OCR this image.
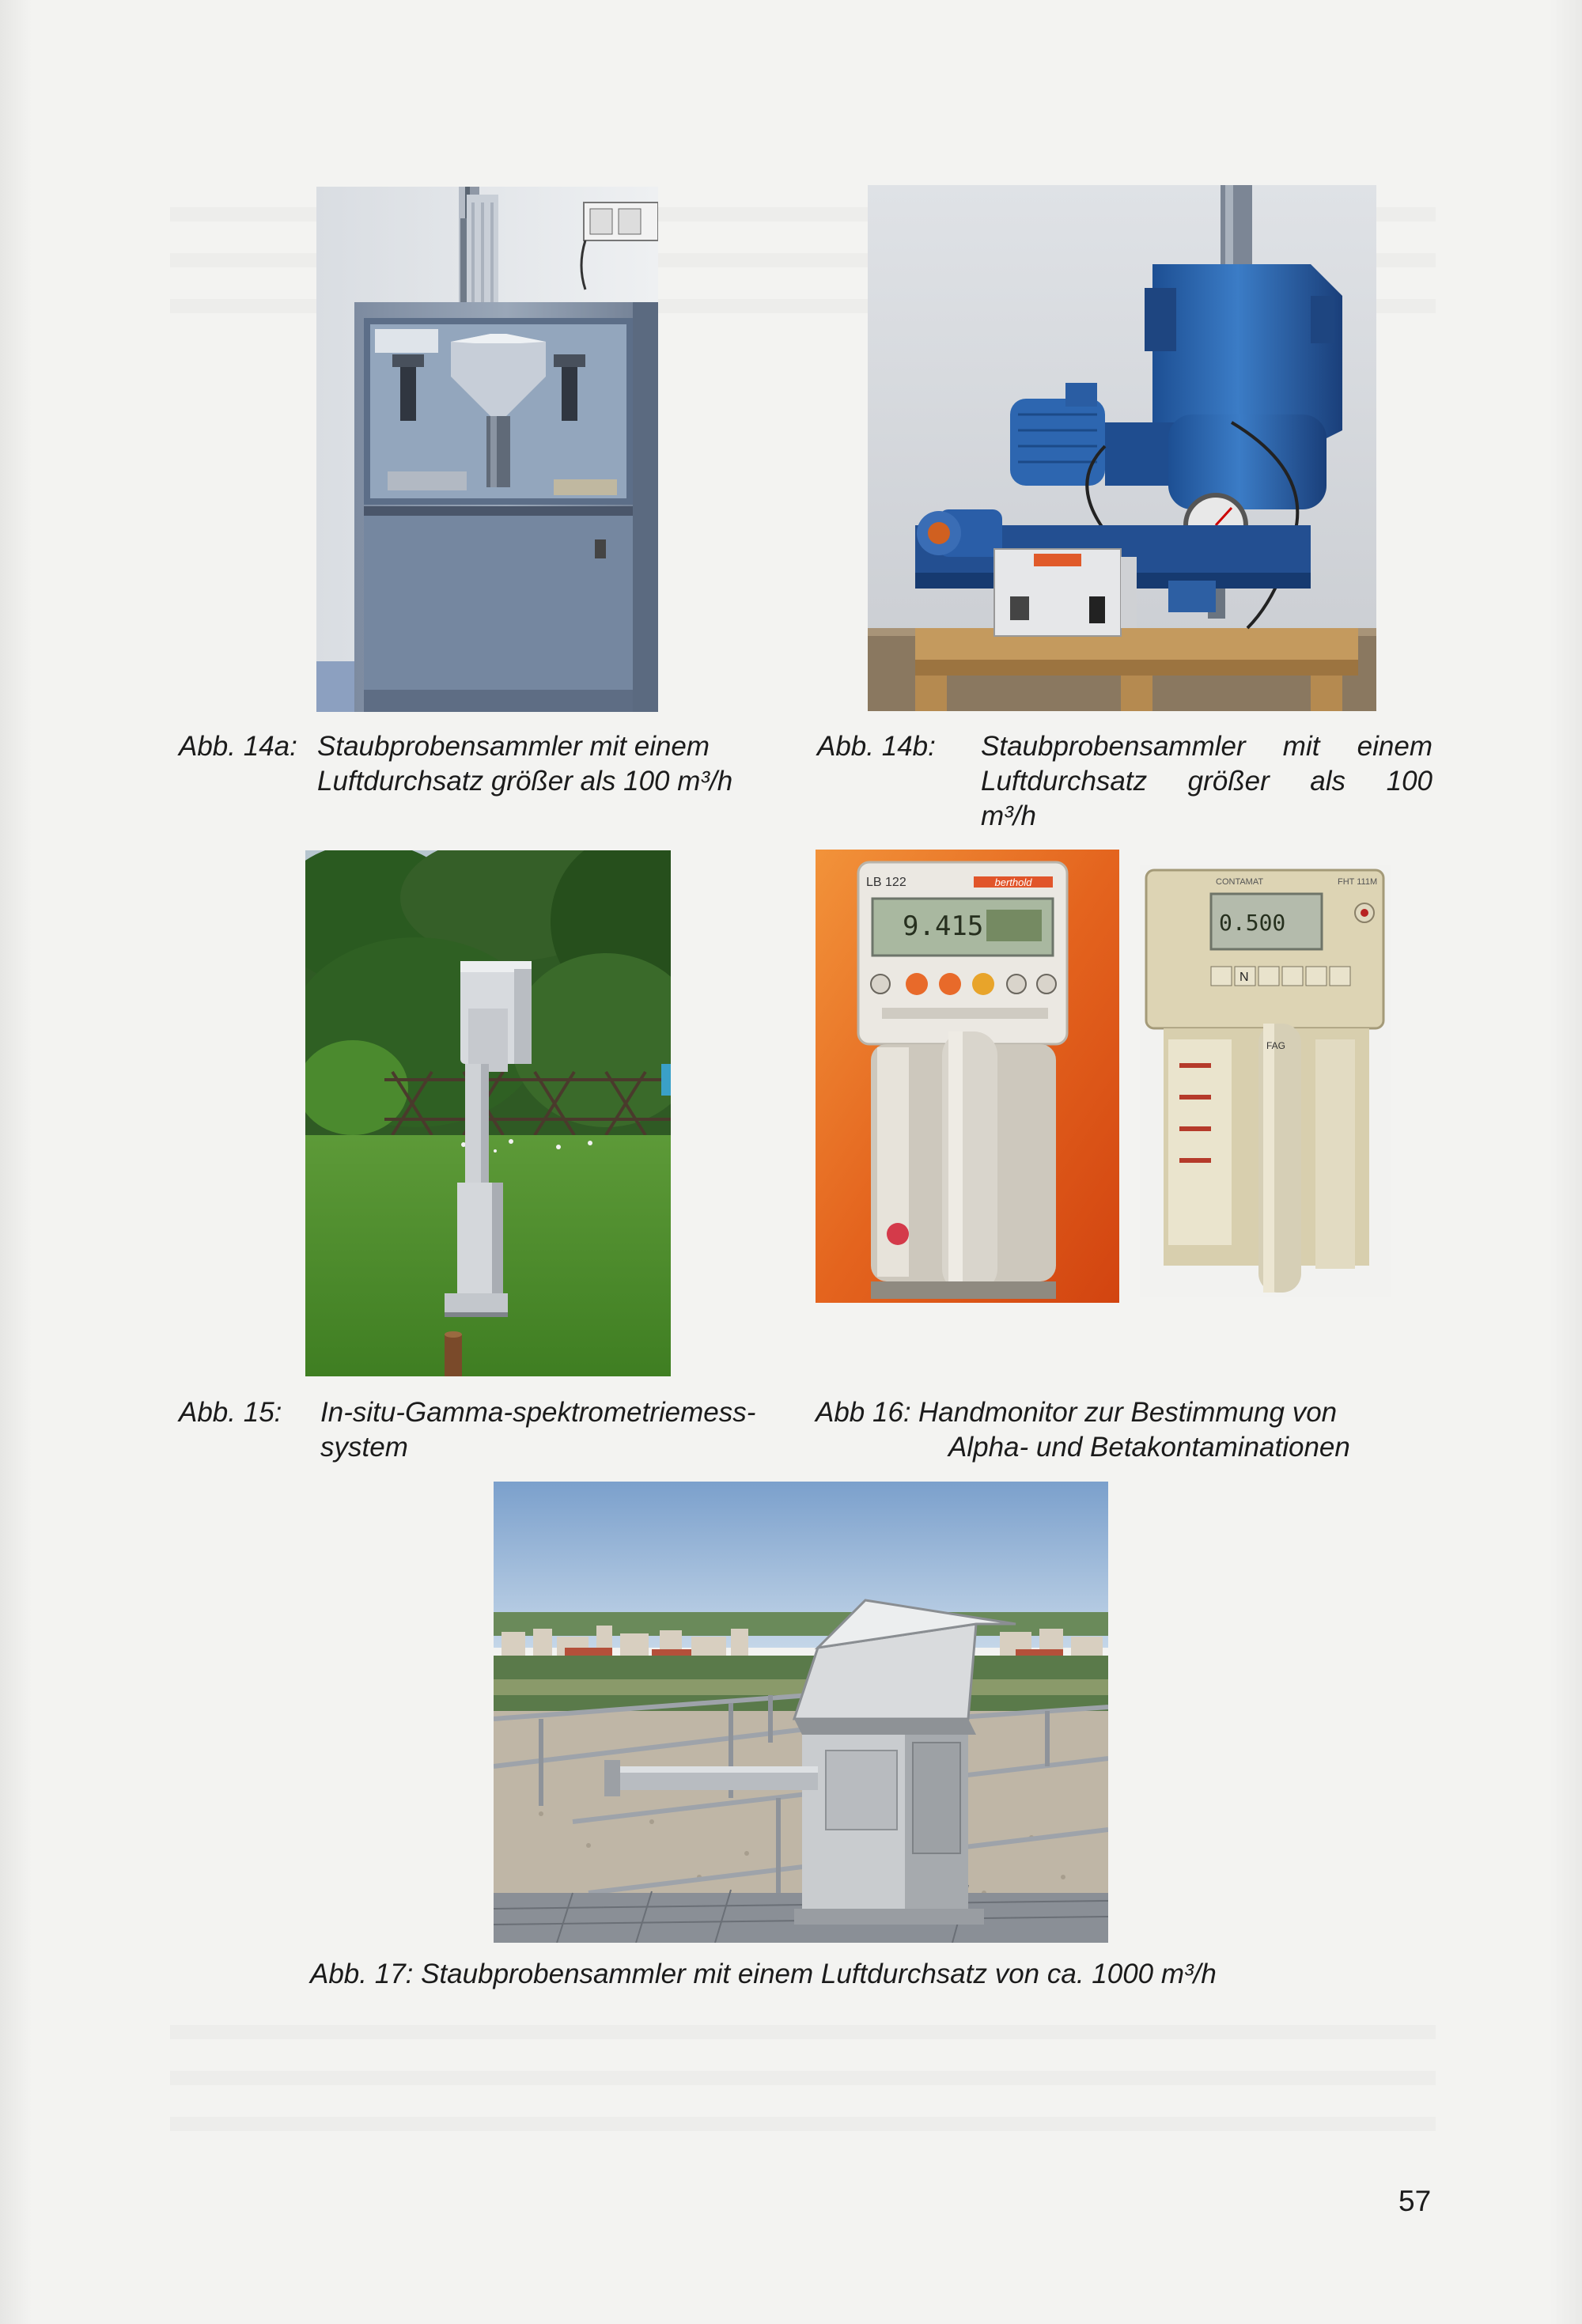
Abb. 14a: Staubprobensammler mit einem
Luftdurchsatz größer als 100 m³/h
Abb. 14b: Staubprobensammler mit einem
Luftdurchsatz größer als 100
m³/h
berthold
LB 122
9.415
CONTAMAT	FHT 111M
0.500
N
FAG
Abb. 15: In-situ-Gamma-spektrometriemess-
system
Abb 16: Handmonitor zur Bestimmung von
Alpha- und Betakontaminationen
Abb. 17: Staubprobensammler mit einem Luftdurchsatz von ca. 1000 m³/h
57
